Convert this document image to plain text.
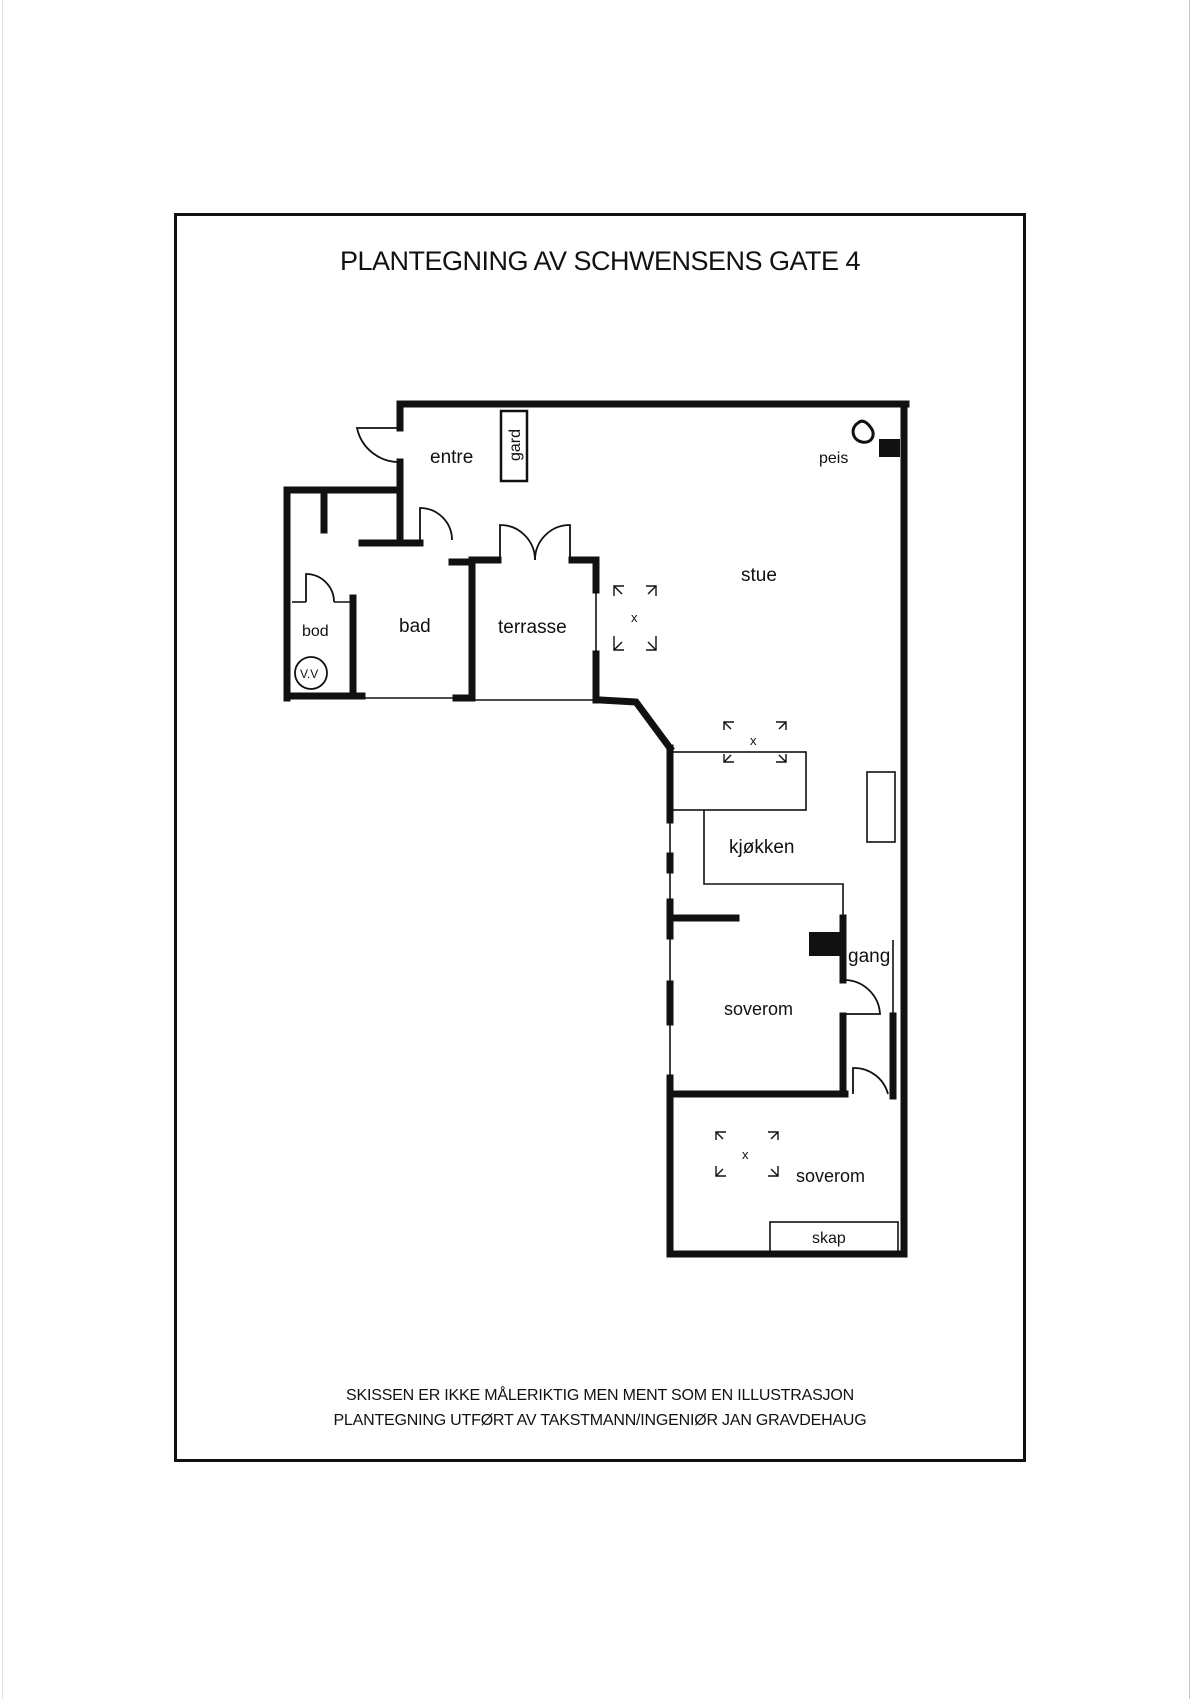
PLANTEGNING AV SCHWENSENS GATE 4
x
x
x
entre gard	peis
stue
bod
V.V
bad	terrasse
kjøkken
gang
soverom
soverom
skap
SKISSEN ER IKKE MÅLERIKTIG MEN MENT SOM EN ILLUSTRASJON
PLANTEGNING UTFØRT AV TAKSTMANN/INGENIØR JAN GRAVDEHAUG
